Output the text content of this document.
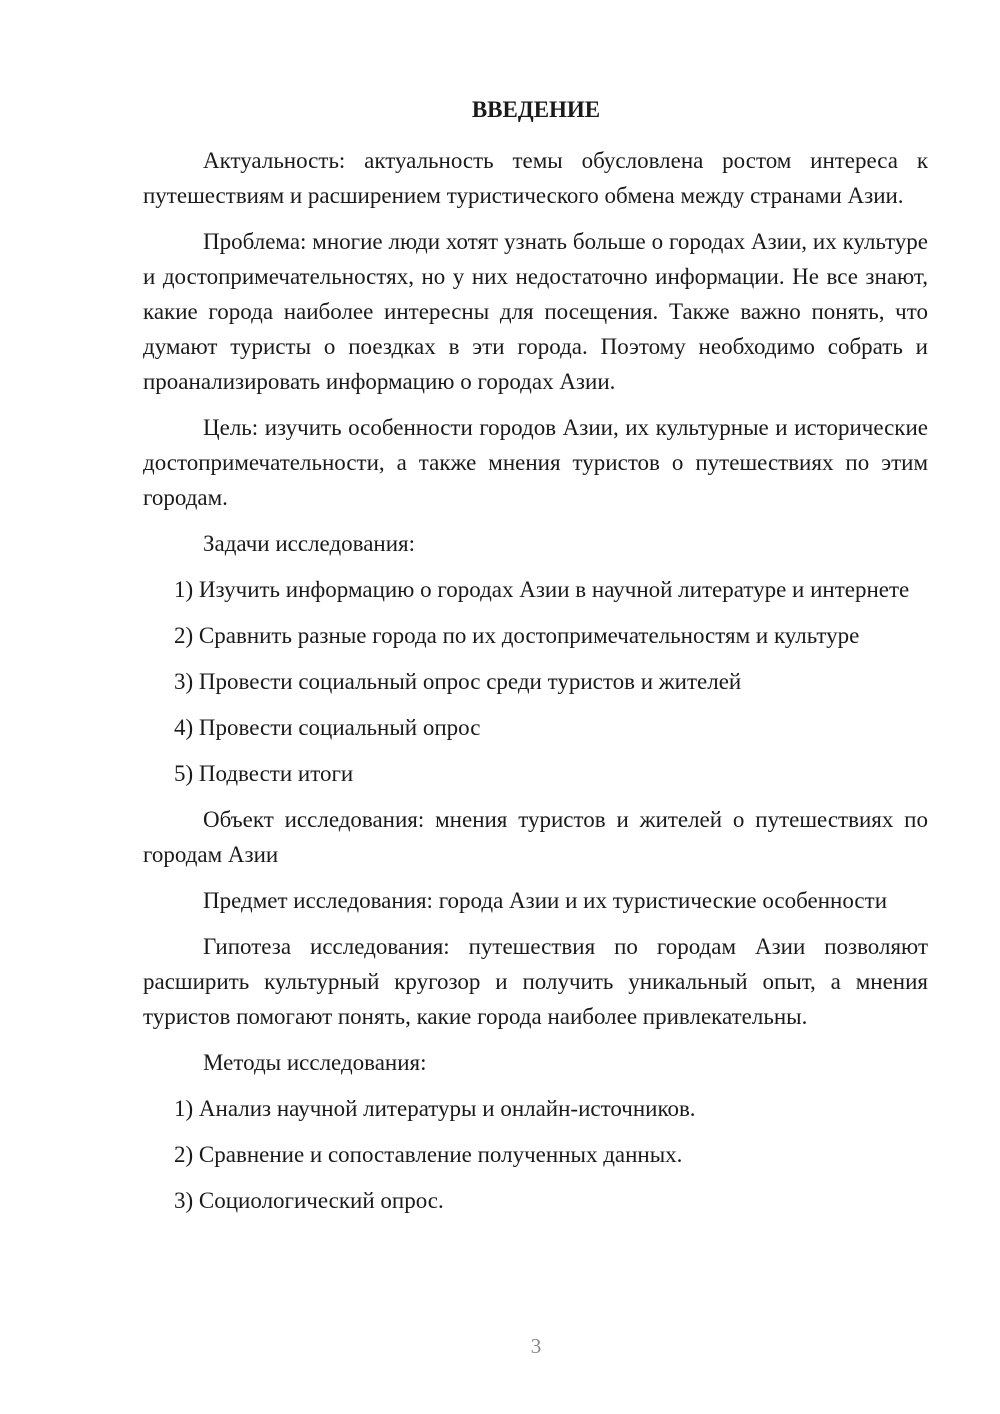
ВВЕДЕНИЕ

Актуальность: актуальность темы обусловлена ростом интереса к путешествиям и расширением туристического обмена между странами Азии.

Проблема: многие люди хотят узнать больше о городах Азии, их культуре и достопримечательностях, но у них недостаточно информации. Не все знают, какие города наиболее интересны для посещения. Также важно понять, что думают туристы о поездках в эти города. Поэтому необходимо собрать и проанализировать информацию о городах Азии.

Цель: изучить особенности городов Азии, их культурные и исторические достопримечательности, а также мнения туристов о путешествиях по этим городам.

Задачи исследования:

1) Изучить информацию о городах Азии в научной литературе и интернете

2) Сравнить разные города по их достопримечательностям и культуре

3) Провести социальный опрос среди туристов и жителей

4) Провести социальный опрос

5) Подвести итоги

Объект исследования: мнения туристов и жителей о путешествиях по городам Азии

Предмет исследования: города Азии и их туристические особенности

Гипотеза исследования: путешествия по городам Азии позволяют расширить культурный кругозор и получить уникальный опыт, а мнения туристов помогают понять, какие города наиболее привлекательны.

Методы исследования:

1) Анализ научной литературы и онлайн-источников.

2) Сравнение и сопоставление полученных данных.

3) Социологический опрос.

3
